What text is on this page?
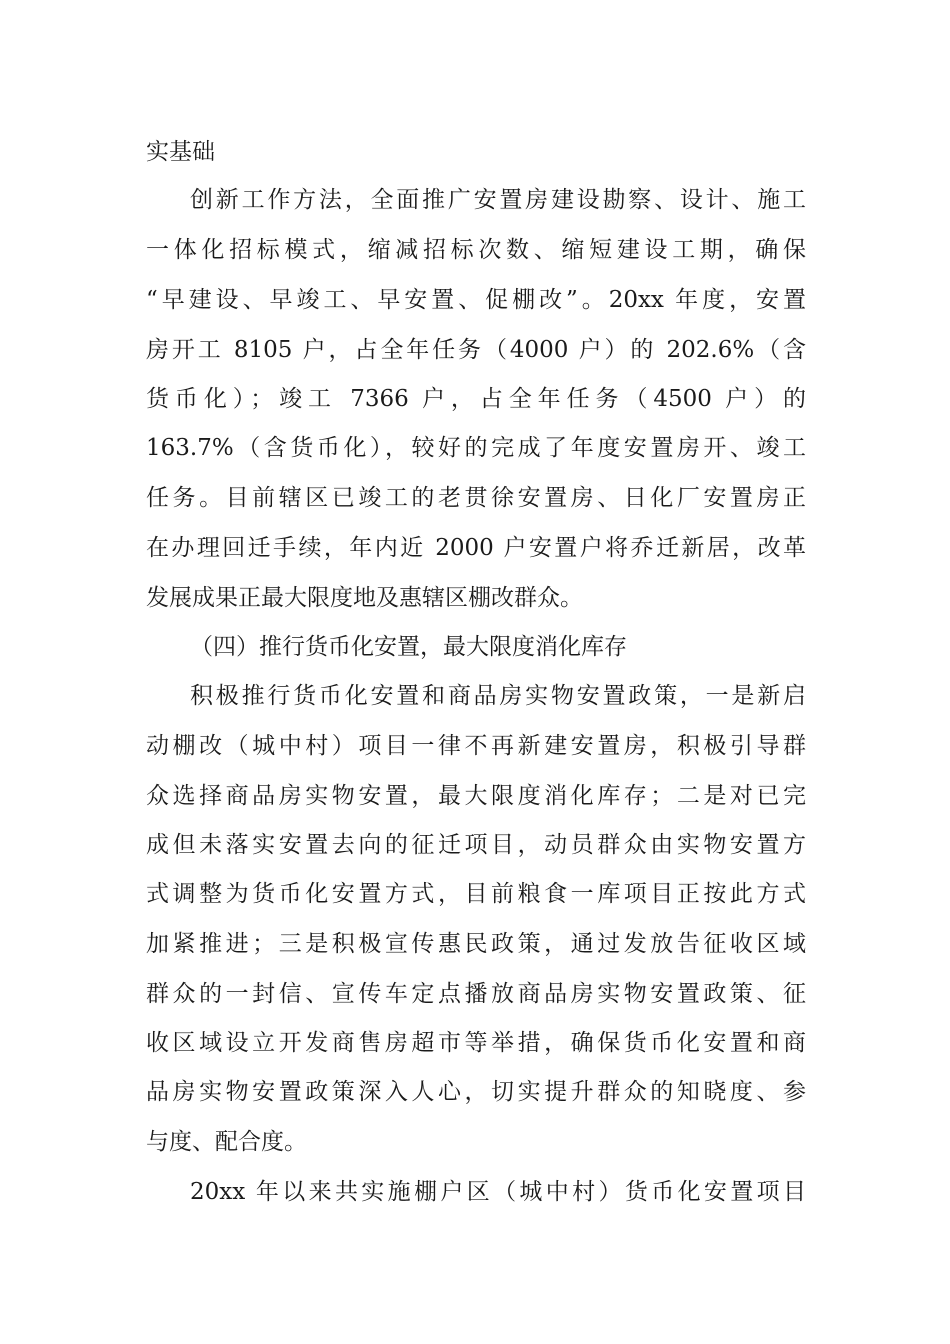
实基础
创新工作方法，全面推广安置房建设勘察、设计、施工
一体化招标模式，缩减招标次数、缩短建设工期，确保
“早建设、早竣工、早安置、促棚改”。20xx 年度，安置
房开工 8105 户，占全年任务（4000 户）的 202.6%（含
货币化）；竣工 7366 户，占全年任务（4500 户）的
163.7%（含货币化），较好的完成了年度安置房开、竣工
任务。目前辖区已竣工的老贯徐安置房、日化厂安置房正
在办理回迁手续，年内近 2000 户安置户将乔迁新居，改革
发展成果正最大限度地及惠辖区棚改群众。
（四）推行货币化安置，最大限度消化库存
积极推行货币化安置和商品房实物安置政策，一是新启
动棚改（城中村）项目一律不再新建安置房，积极引导群
众选择商品房实物安置，最大限度消化库存；二是对已完
成但未落实安置去向的征迁项目，动员群众由实物安置方
式调整为货币化安置方式，目前粮食一库项目正按此方式
加紧推进；三是积极宣传惠民政策，通过发放告征收区域
群众的一封信、宣传车定点播放商品房实物安置政策、征
收区域设立开发商售房超市等举措，确保货币化安置和商
品房实物安置政策深入人心，切实提升群众的知晓度、参
与度、配合度。
20xx 年以来共实施棚户区（城中村）货币化安置项目
